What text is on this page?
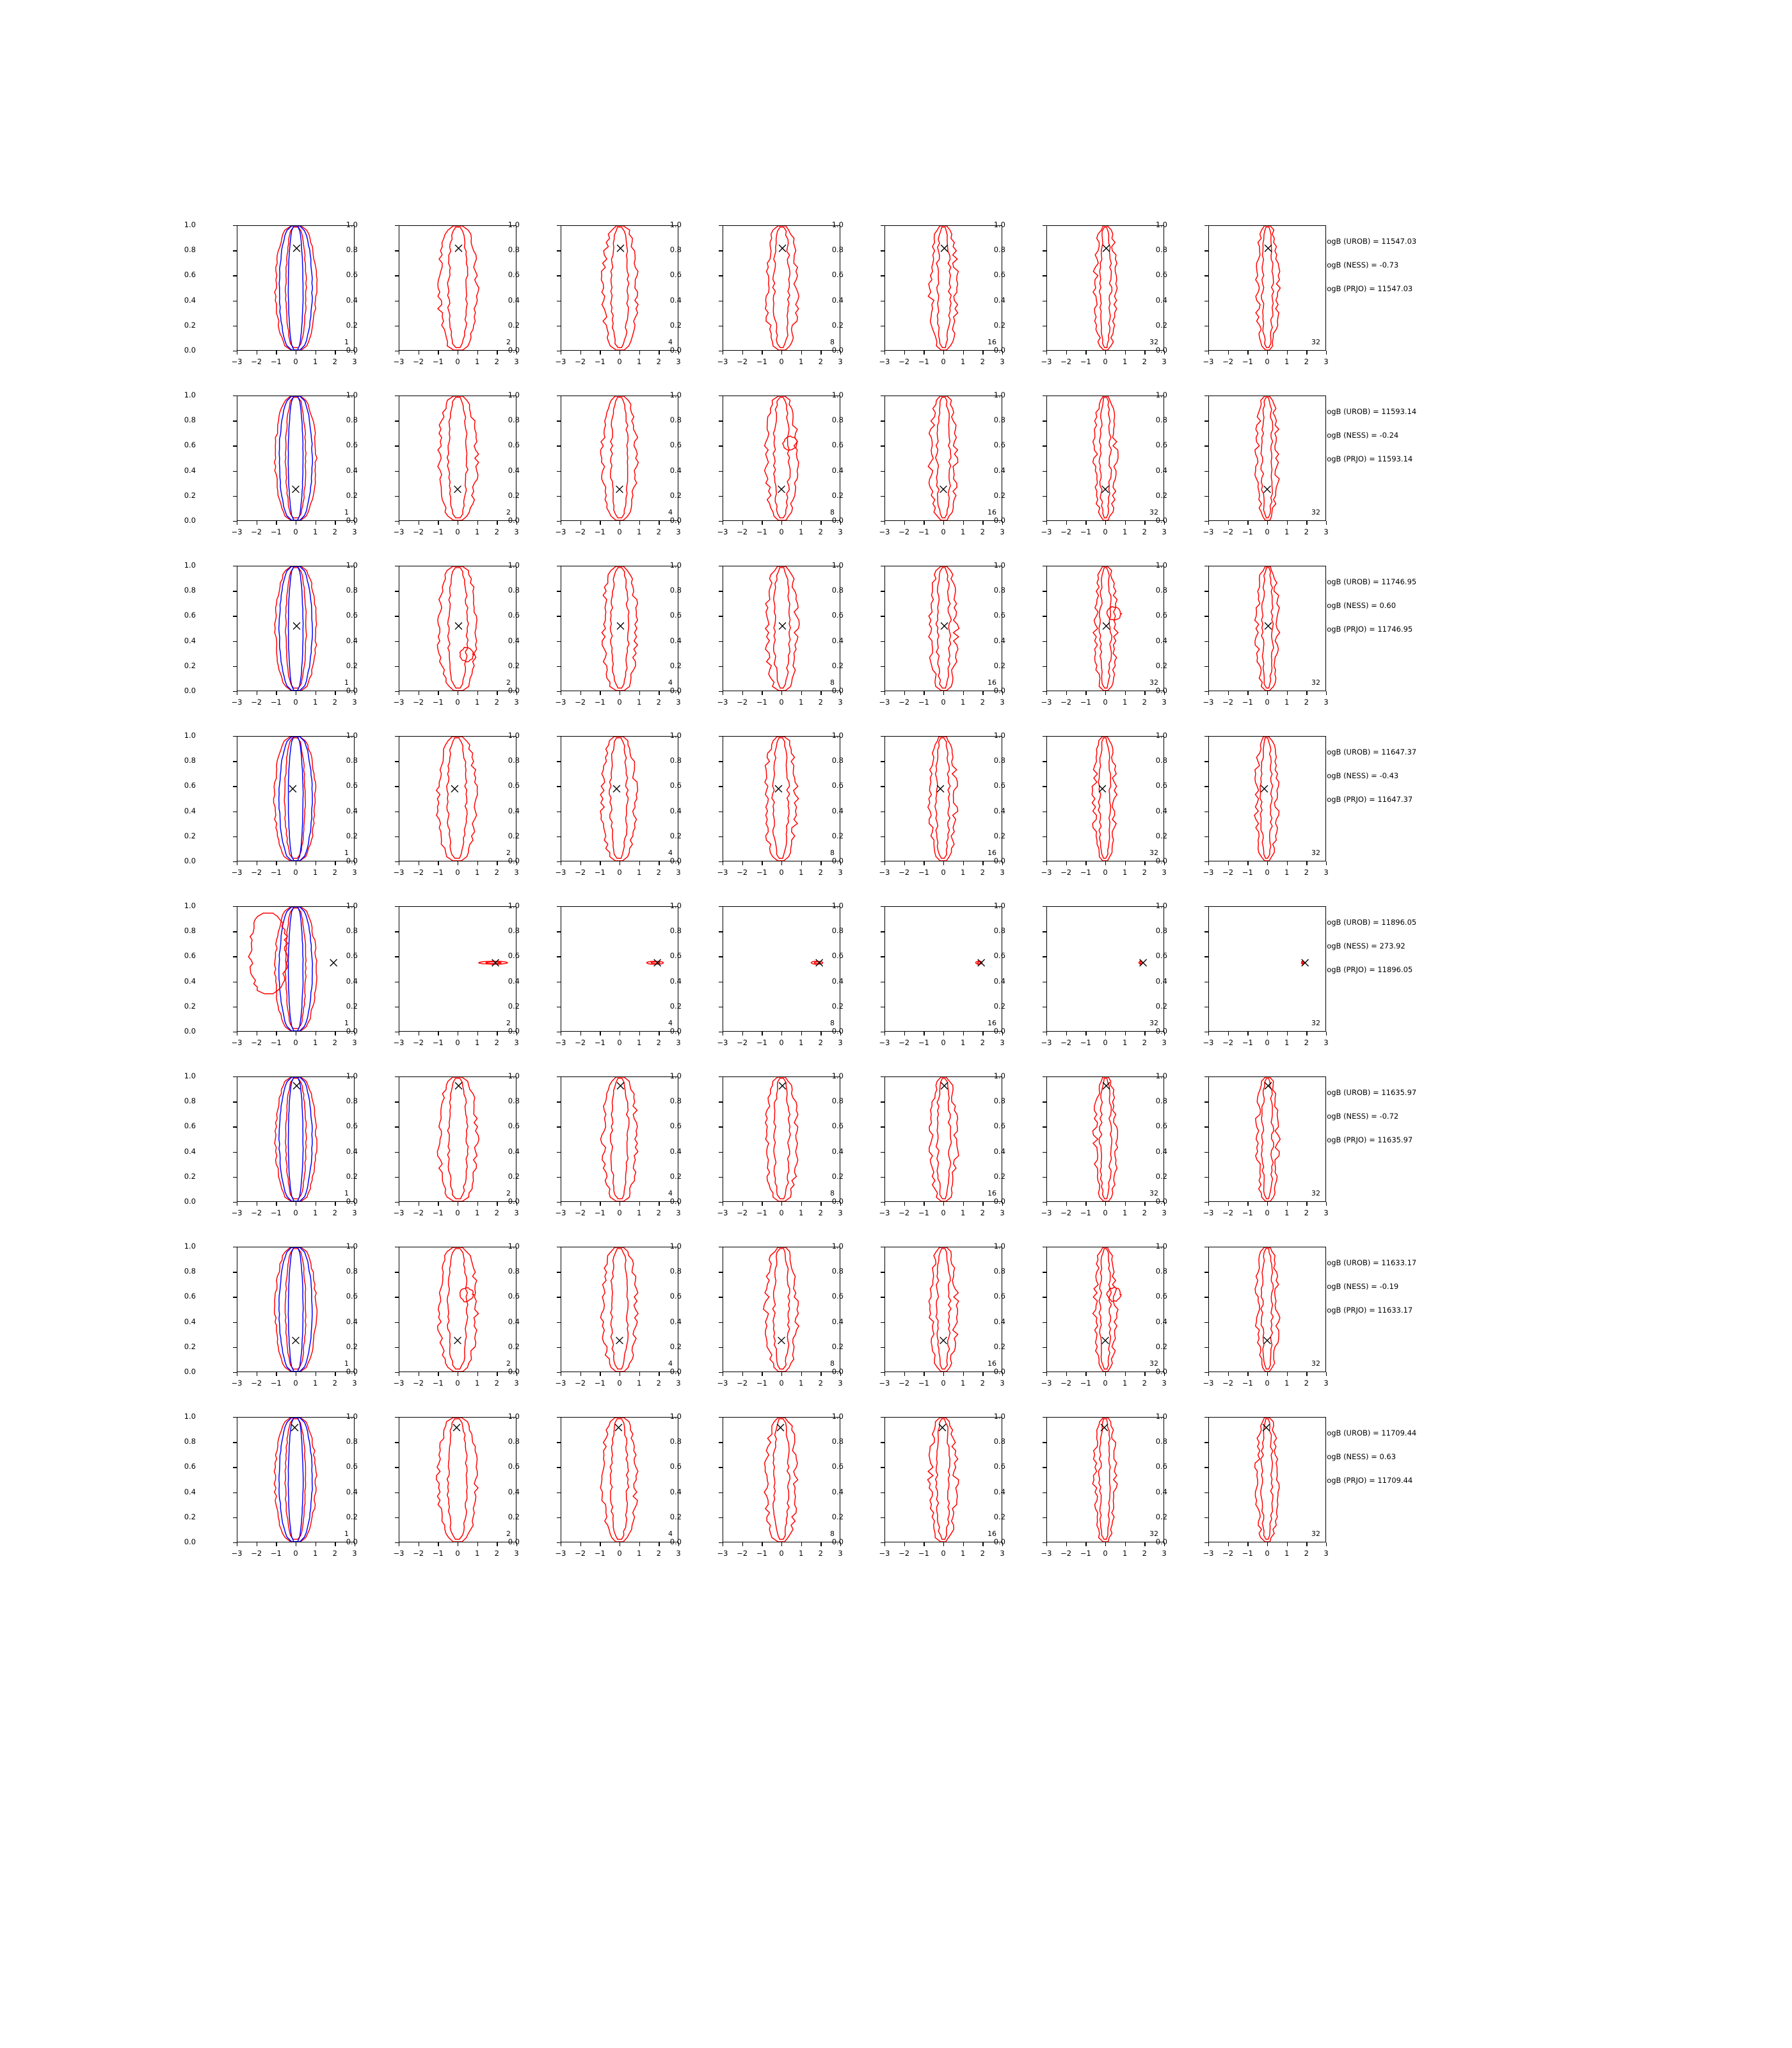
0.0
0.2
0.4
0.6
0.8
1.0
−3	−2	−1	0	1	2	3
1
0.0
0.2
0.4
0.6
0.8
1.0
−3	−2	−1	0	1	2	3
2
0.0
0.2
0.4
0.6
0.8
1.0
−3	−2	−1	0	1	2	3
4
0.0
0.2
0.4
0.6
0.8
1.0
−3	−2	−1	0	1	2	3
8
0.0
0.2
0.4
0.6
0.8
1.0
−3	−2	−1	0	1	2	3
16
0.0
0.2
0.4
0.6
0.8
1.0
−3	−2	−1	0	1	2	3
32
0.0
0.2
0.4
0.6
0.8
1.0
−3	−2	−1	0	1	2	3
32
0.0
0.2
0.4
0.6
0.8
1.0
−3	−2	−1	0	1	2	3
1
0.0
0.2
0.4
0.6
0.8
1.0
−3	−2	−1	0	1	2	3
2
0.0
0.2
0.4
0.6
0.8
1.0
−3	−2	−1	0	1	2	3
4
0.0
0.2
0.4
0.6
0.8
1.0
−3	−2	−1	0	1	2	3
8
0.0
0.2
0.4
0.6
0.8
1.0
−3	−2	−1	0	1	2	3
16
0.0
0.2
0.4
0.6
0.8
1.0
−3	−2	−1	0	1	2	3
32
0.0
0.2
0.4
0.6
0.8
1.0
−3	−2	−1	0	1	2	3
32
0.0
0.2
0.4
0.6
0.8
1.0
−3	−2	−1	0	1	2	3
1
0.0
0.2
0.4
0.6
0.8
1.0
−3	−2	−1	0	1	2	3
2
0.0
0.2
0.4
0.6
0.8
1.0
−3	−2	−1	0	1	2	3
4
0.0
0.2
0.4
0.6
0.8
1.0
−3	−2	−1	0	1	2	3
8
0.0
0.2
0.4
0.6
0.8
1.0
−3	−2	−1	0	1	2	3
16
0.0
0.2
0.4
0.6
0.8
1.0
−3	−2	−1	0	1	2	3
32
0.0
0.2
0.4
0.6
0.8
1.0
−3	−2	−1	0	1	2	3
32
0.0
0.2
0.4
0.6
0.8
1.0
−3	−2	−1	0	1	2	3
1
0.0
0.2
0.4
0.6
0.8
1.0
−3	−2	−1	0	1	2	3
2
0.0
0.2
0.4
0.6
0.8
1.0
−3	−2	−1	0	1	2	3
4
0.0
0.2
0.4
0.6
0.8
1.0
−3	−2	−1	0	1	2	3
8
0.0
0.2
0.4
0.6
0.8
1.0
−3	−2	−1	0	1	2	3
16
0.0
0.2
0.4
0.6
0.8
1.0
−3	−2	−1	0	1	2	3
32
0.0
0.2
0.4
0.6
0.8
1.0
−3	−2	−1	0	1	2	3
32
0.0
0.2
0.4
0.6
0.8
1.0
−3	−2	−1	0	1	2	3
1
0.0
0.2
0.4
0.6
0.8
1.0
−3	−2	−1	0	1	2	3
2
0.0
0.2
0.4
0.6
0.8
1.0
−3	−2	−1	0	1	2	3
4
0.0
0.2
0.4
0.6
0.8
1.0
−3	−2	−1	0	1	2	3
8
0.0
0.2
0.4
0.6
0.8
1.0
−3	−2	−1	0	1	2	3
16
0.0
0.2
0.4
0.6
0.8
1.0
−3	−2	−1	0	1	2	3
32
0.0
0.2
0.4
0.6
0.8
1.0
−3	−2	−1	0	1	2	3
32
0.0
0.2
0.4
0.6
0.8
1.0
−3	−2	−1	0	1	2	3
1
0.0
0.2
0.4
0.6
0.8
1.0
−3	−2	−1	0	1	2	3
2
0.0
0.2
0.4
0.6
0.8
1.0
−3	−2	−1	0	1	2	3
4
0.0
0.2
0.4
0.6
0.8
1.0
−3	−2	−1	0	1	2	3
8
0.0
0.2
0.4
0.6
0.8
1.0
−3	−2	−1	0	1	2	3
16
0.0
0.2
0.4
0.6
0.8
1.0
−3	−2	−1	0	1	2	3
32
0.0
0.2
0.4
0.6
0.8
1.0
−3	−2	−1	0	1	2	3
32
0.0
0.2
0.4
0.6
0.8
1.0
−3	−2	−1	0	1	2	3
1
0.0
0.2
0.4
0.6
0.8
1.0
−3	−2	−1	0	1	2	3
2
0.0
0.2
0.4
0.6
0.8
1.0
−3	−2	−1	0	1	2	3
4
0.0
0.2
0.4
0.6
0.8
1.0
−3	−2	−1	0	1	2	3
8
0.0
0.2
0.4
0.6
0.8
1.0
−3	−2	−1	0	1	2	3
16
0.0
0.2
0.4
0.6
0.8
1.0
−3	−2	−1	0	1	2	3
32
0.0
0.2
0.4
0.6
0.8
1.0
−3	−2	−1	0	1	2	3
32
0.0
0.2
0.4
0.6
0.8
1.0
−3	−2	−1	0	1	2	3
1
0.0
0.2
0.4
0.6
0.8
1.0
−3	−2	−1	0	1	2	3
2
0.0
0.2
0.4
0.6
0.8
1.0
−3	−2	−1	0	1	2	3
4
0.0
0.2
0.4
0.6
0.8
1.0
−3	−2	−1	0	1	2	3
8
0.0
0.2
0.4
0.6
0.8
1.0
−3	−2	−1	0	1	2	3
16
0.0
0.2
0.4
0.6
0.8
1.0
−3	−2	−1	0	1	2	3
32
0.0
0.2
0.4
0.6
0.8
1.0
−3	−2	−1	0	1	2	3
32
logB (UROB) = 11547.03
logB (NESS) = -0.73
logB (PRJO) = 11547.03
logB (UROB) = 11593.14
logB (NESS) = -0.24
logB (PRJO) = 11593.14
logB (UROB) = 11746.95
logB (NESS) = 0.60
logB (PRJO) = 11746.95
logB (UROB) = 11647.37
logB (NESS) = -0.43
logB (PRJO) = 11647.37
logB (UROB) = 11896.05
logB (NESS) = 273.92
logB (PRJO) = 11896.05
logB (UROB) = 11635.97
logB (NESS) = -0.72
logB (PRJO) = 11635.97
logB (UROB) = 11633.17
logB (NESS) = -0.19
logB (PRJO) = 11633.17
logB (UROB) = 11709.44
logB (NESS) = 0.63
logB (PRJO) = 11709.44
